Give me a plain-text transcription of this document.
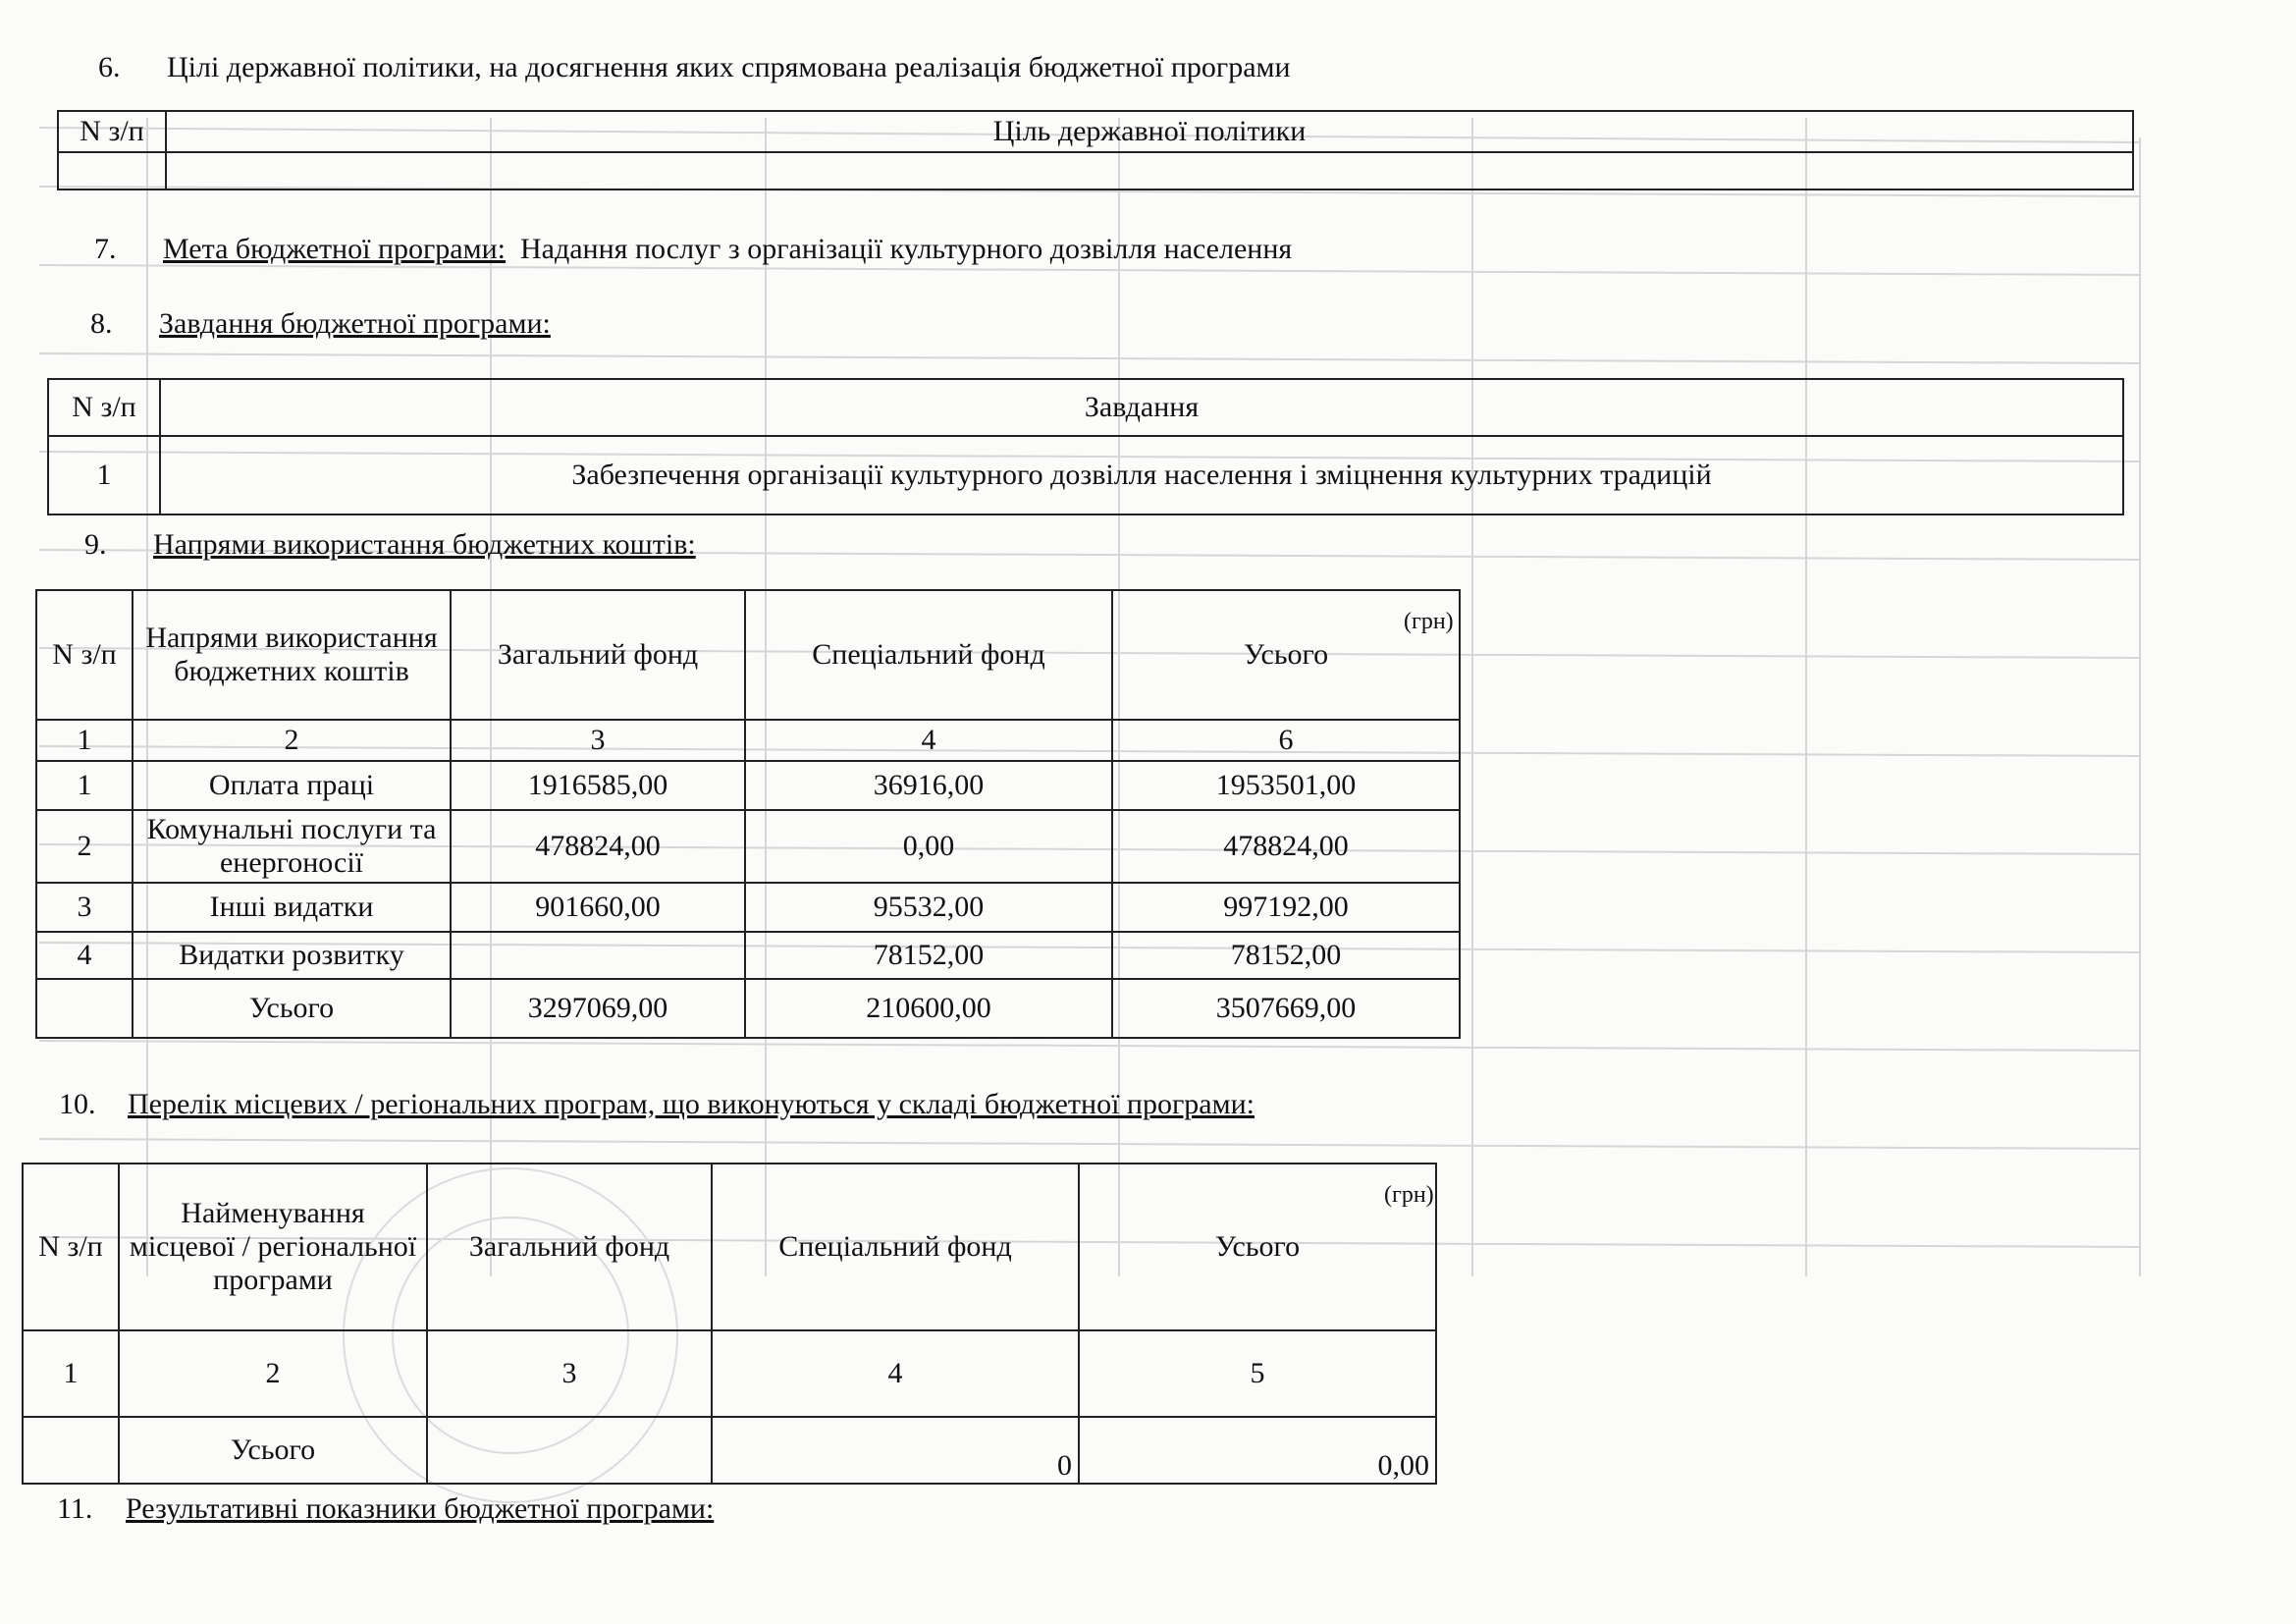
6. Цілі державної політики, на досягнення яких спрямована реалізація бюджетної програми
N з/п	Ціль державної політики

7. Мета бюджетної програми: Надання послуг з організації культурного дозвілля населення
8. Завдання бюджетної програми:
N з/п	Завдання
1	Забезпечення організації культурного дозвілля населення і зміцнення культурних традицій
9. Напрями використання бюджетних коштів:
(грн)
N з/п	Напрями використання бюджетних коштів	Загальний фонд	Спеціальний фонд	Усього
1	2	3	4	6
1	Оплата праці	1916585,00	36916,00	1953501,00
2	Комунальні послуги та енергоносії	478824,00	0,00	478824,00
3	Інші видатки	901660,00	95532,00	997192,00
4	Видатки розвитку		78152,00	78152,00
	Усього	3297069,00	210600,00	3507669,00
10. Перелік місцевих / регіональних програм, що виконуються у складі бюджетної програми:
(грн)
N з/п	Найменування місцевої / регіональної програми	Загальний фонд	Спеціальний фонд	Усього
1	2	3	4	5
	Усього		0	0,00
11. Результативні показники бюджетної програми:
